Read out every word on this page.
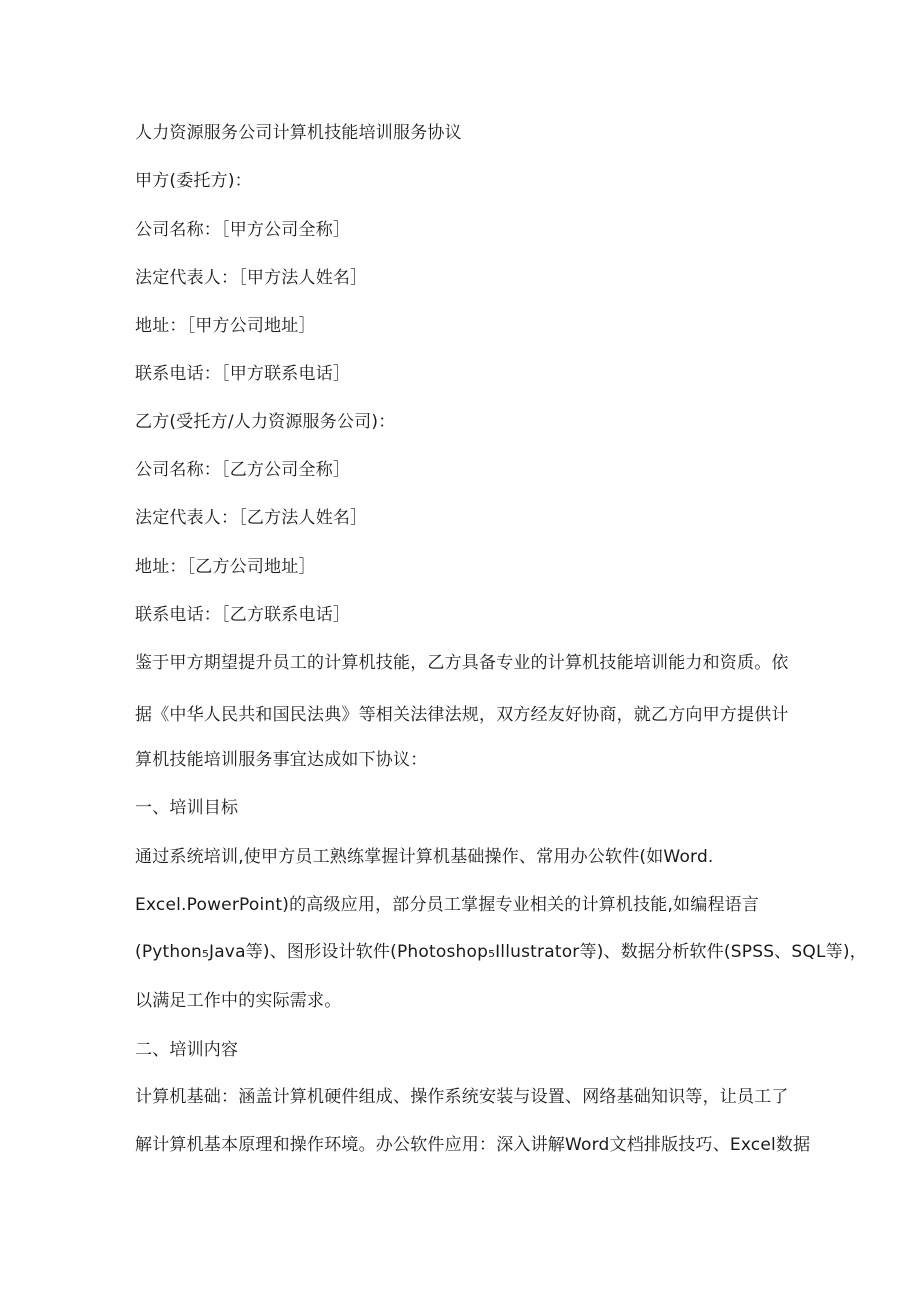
人力资源服务公司计算机技能培训服务协议
甲方(委托方)：
公司名称：［甲方公司全称］
法定代表人：［甲方法人姓名］
地址：［甲方公司地址］
联系电话：［甲方联系电话］
乙方(受托方/人力资源服务公司)：
公司名称：［乙方公司全称］
法定代表人：［乙方法人姓名］
地址：［乙方公司地址］
联系电话：［乙方联系电话］
鉴于甲方期望提升员工的计算机技能，乙方具备专业的计算机技能培训能力和资质。依
据《中华人民共和国民法典》等相关法律法规，双方经友好协商，就乙方向甲方提供计
算机技能培训服务事宜达成如下协议：
一、培训目标
通过系统培训,使甲方员工熟练掌握计算机基础操作、常用办公软件(如Word.
Excel.PowerPoint)的高级应用，部分员工掌握专业相关的计算机技能,如编程语言
(Python₅Java等)、图形设计软件(Photoshop₅Illustrator等)、数据分析软件(SPSS、SQL等)，
以满足工作中的实际需求。
二、培训内容
计算机基础：涵盖计算机硬件组成、操作系统安装与设置、网络基础知识等，让员工了
解计算机基本原理和操作环境。办公软件应用：深入讲解Word文档排版技巧、Excel数据
